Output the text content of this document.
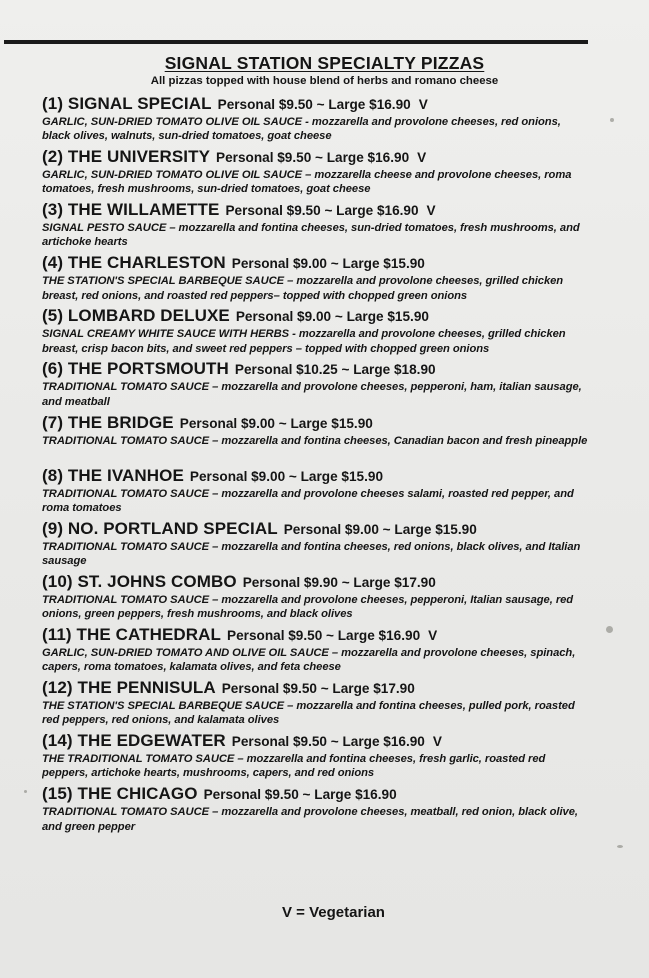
SIGNAL STATION SPECIALTY PIZZAS
All pizzas topped with house blend of herbs and romano cheese
(1) SIGNAL SPECIAL Personal $9.50 ~ Large $16.90 V
GARLIC, SUN-DRIED TOMATO OLIVE OIL SAUCE - mozzarella and provolone cheeses, red onions, black olives, walnuts, sun-dried tomatoes, goat cheese
(2) THE UNIVERSITY Personal $9.50 ~ Large $16.90 V
GARLIC, SUN-DRIED TOMATO OLIVE OIL SAUCE – mozzarella cheese and provolone cheeses, roma tomatoes, fresh mushrooms, sun-dried tomatoes, goat cheese
(3) THE WILLAMETTE Personal $9.50 ~ Large $16.90 V
SIGNAL PESTO SAUCE – mozzarella and fontina cheeses, sun-dried tomatoes, fresh mushrooms, and artichoke hearts
(4) THE CHARLESTON Personal $9.00 ~ Large $15.90
THE STATION'S SPECIAL BARBEQUE SAUCE – mozzarella and provolone cheeses, grilled chicken breast, red onions, and roasted red peppers– topped with chopped green onions
(5) LOMBARD DELUXE Personal $9.00 ~ Large $15.90
SIGNAL CREAMY WHITE SAUCE WITH HERBS - mozzarella and provolone cheeses, grilled chicken breast, crisp bacon bits, and sweet red peppers – topped with chopped green onions
(6) THE PORTSMOUTH Personal $10.25 ~ Large $18.90
TRADITIONAL TOMATO SAUCE – mozzarella and provolone cheeses, pepperoni, ham, italian sausage, and meatball
(7) THE BRIDGE Personal $9.00 ~ Large $15.90
TRADITIONAL TOMATO SAUCE – mozzarella and fontina cheeses, Canadian bacon and fresh pineapple
(8) THE IVANHOE Personal $9.00 ~ Large $15.90
TRADITIONAL TOMATO SAUCE – mozzarella and provolone cheeses salami, roasted red pepper, and roma tomatoes
(9) NO. PORTLAND SPECIAL Personal $9.00 ~ Large $15.90
TRADITIONAL TOMATO SAUCE – mozzarella and fontina cheeses, red onions, black olives, and Italian sausage
(10) ST. JOHNS COMBO Personal $9.90 ~ Large $17.90
TRADITIONAL TOMATO SAUCE – mozzarella and provolone cheeses, pepperoni, Italian sausage, red onions, green peppers, fresh mushrooms, and black olives
(11) THE CATHEDRAL Personal $9.50 ~ Large $16.90 V
GARLIC, SUN-DRIED TOMATO AND OLIVE OIL SAUCE – mozzarella and provolone cheeses, spinach, capers, roma tomatoes, kalamata olives, and feta cheese
(12) THE PENNISULA Personal $9.50 ~ Large $17.90
THE STATION'S SPECIAL BARBEQUE SAUCE – mozzarella and fontina cheeses, pulled pork, roasted red peppers, red onions, and kalamata olives
(14) THE EDGEWATER Personal $9.50 ~ Large $16.90 V
THE TRADITIONAL TOMATO SAUCE – mozzarella and fontina cheeses, fresh garlic, roasted red peppers, artichoke hearts, mushrooms, capers, and red onions
(15) THE CHICAGO Personal $9.50 ~ Large $16.90
TRADITIONAL TOMATO SAUCE – mozzarella and provolone cheeses, meatball, red onion, black olive, and green pepper
V = Vegetarian
